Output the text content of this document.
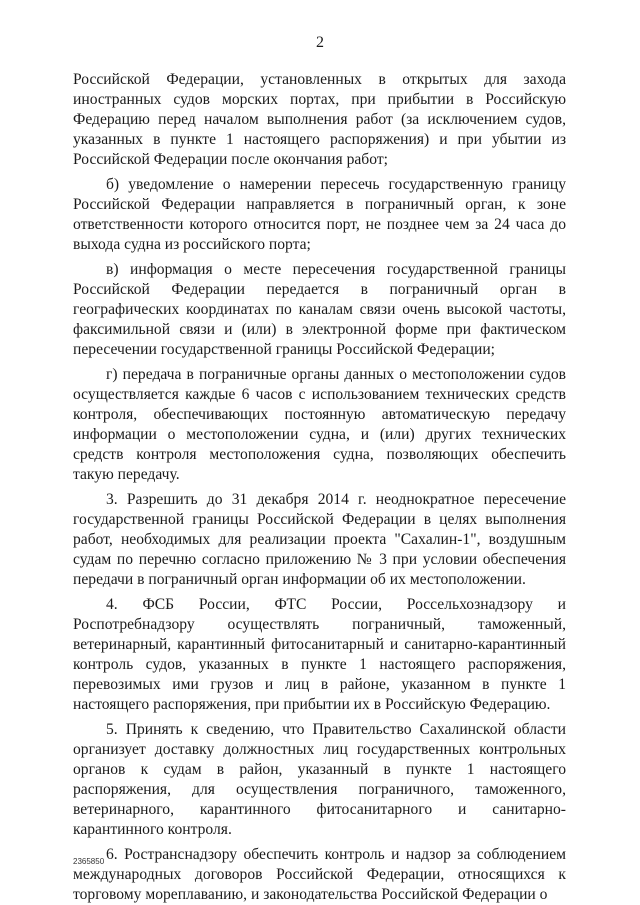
2

Российской Федерации, установленных в открытых для захода иностранных судов морских портах, при прибытии в Российскую Федерацию перед началом выполнения работ (за исключением судов, указанных в пункте 1 настоящего распоряжения) и при убытии из Российской Федерации после окончания работ;

б) уведомление о намерении пересечь государственную границу Российской Федерации направляется в пограничный орган, к зоне ответственности которого относится порт, не позднее чем за 24 часа до выхода судна из российского порта;

в) информация о месте пересечения государственной границы Российской Федерации передается в пограничный орган в географических координатах по каналам связи очень высокой частоты, факсимильной связи и (или) в электронной форме при фактическом пересечении государственной границы Российской Федерации;

г) передача в пограничные органы данных о местоположении судов осуществляется каждые 6 часов с использованием технических средств контроля, обеспечивающих постоянную автоматическую передачу информации о местоположении судна, и (или) других технических средств контроля местоположения судна, позволяющих обеспечить такую передачу.

3. Разрешить до 31 декабря 2014 г. неоднократное пересечение государственной границы Российской Федерации в целях выполнения работ, необходимых для реализации проекта "Сахалин-1", воздушным судам по перечню согласно приложению № 3 при условии обеспечения передачи в пограничный орган информации об их местоположении.

4. ФСБ России, ФТС России, Россельхознадзору и Роспотребнадзору осуществлять пограничный, таможенный, ветеринарный, карантинный фитосанитарный и санитарно-карантинный контроль судов, указанных в пункте 1 настоящего распоряжения, перевозимых ими грузов и лиц в районе, указанном в пункте 1 настоящего распоряжения, при прибытии их в Российскую Федерацию.

5. Принять к сведению, что Правительство Сахалинской области организует доставку должностных лиц государственных контрольных органов к судам в район, указанный в пункте 1 настоящего распоряжения, для осуществления пограничного, таможенного, ветеринарного, карантинного фитосанитарного и санитарно-карантинного контроля.

6. Ространснадзору обеспечить контроль и надзор за соблюдением международных договоров Российской Федерации, относящихся к торговому мореплаванию, и законодательства Российской Федерации о

2365850
